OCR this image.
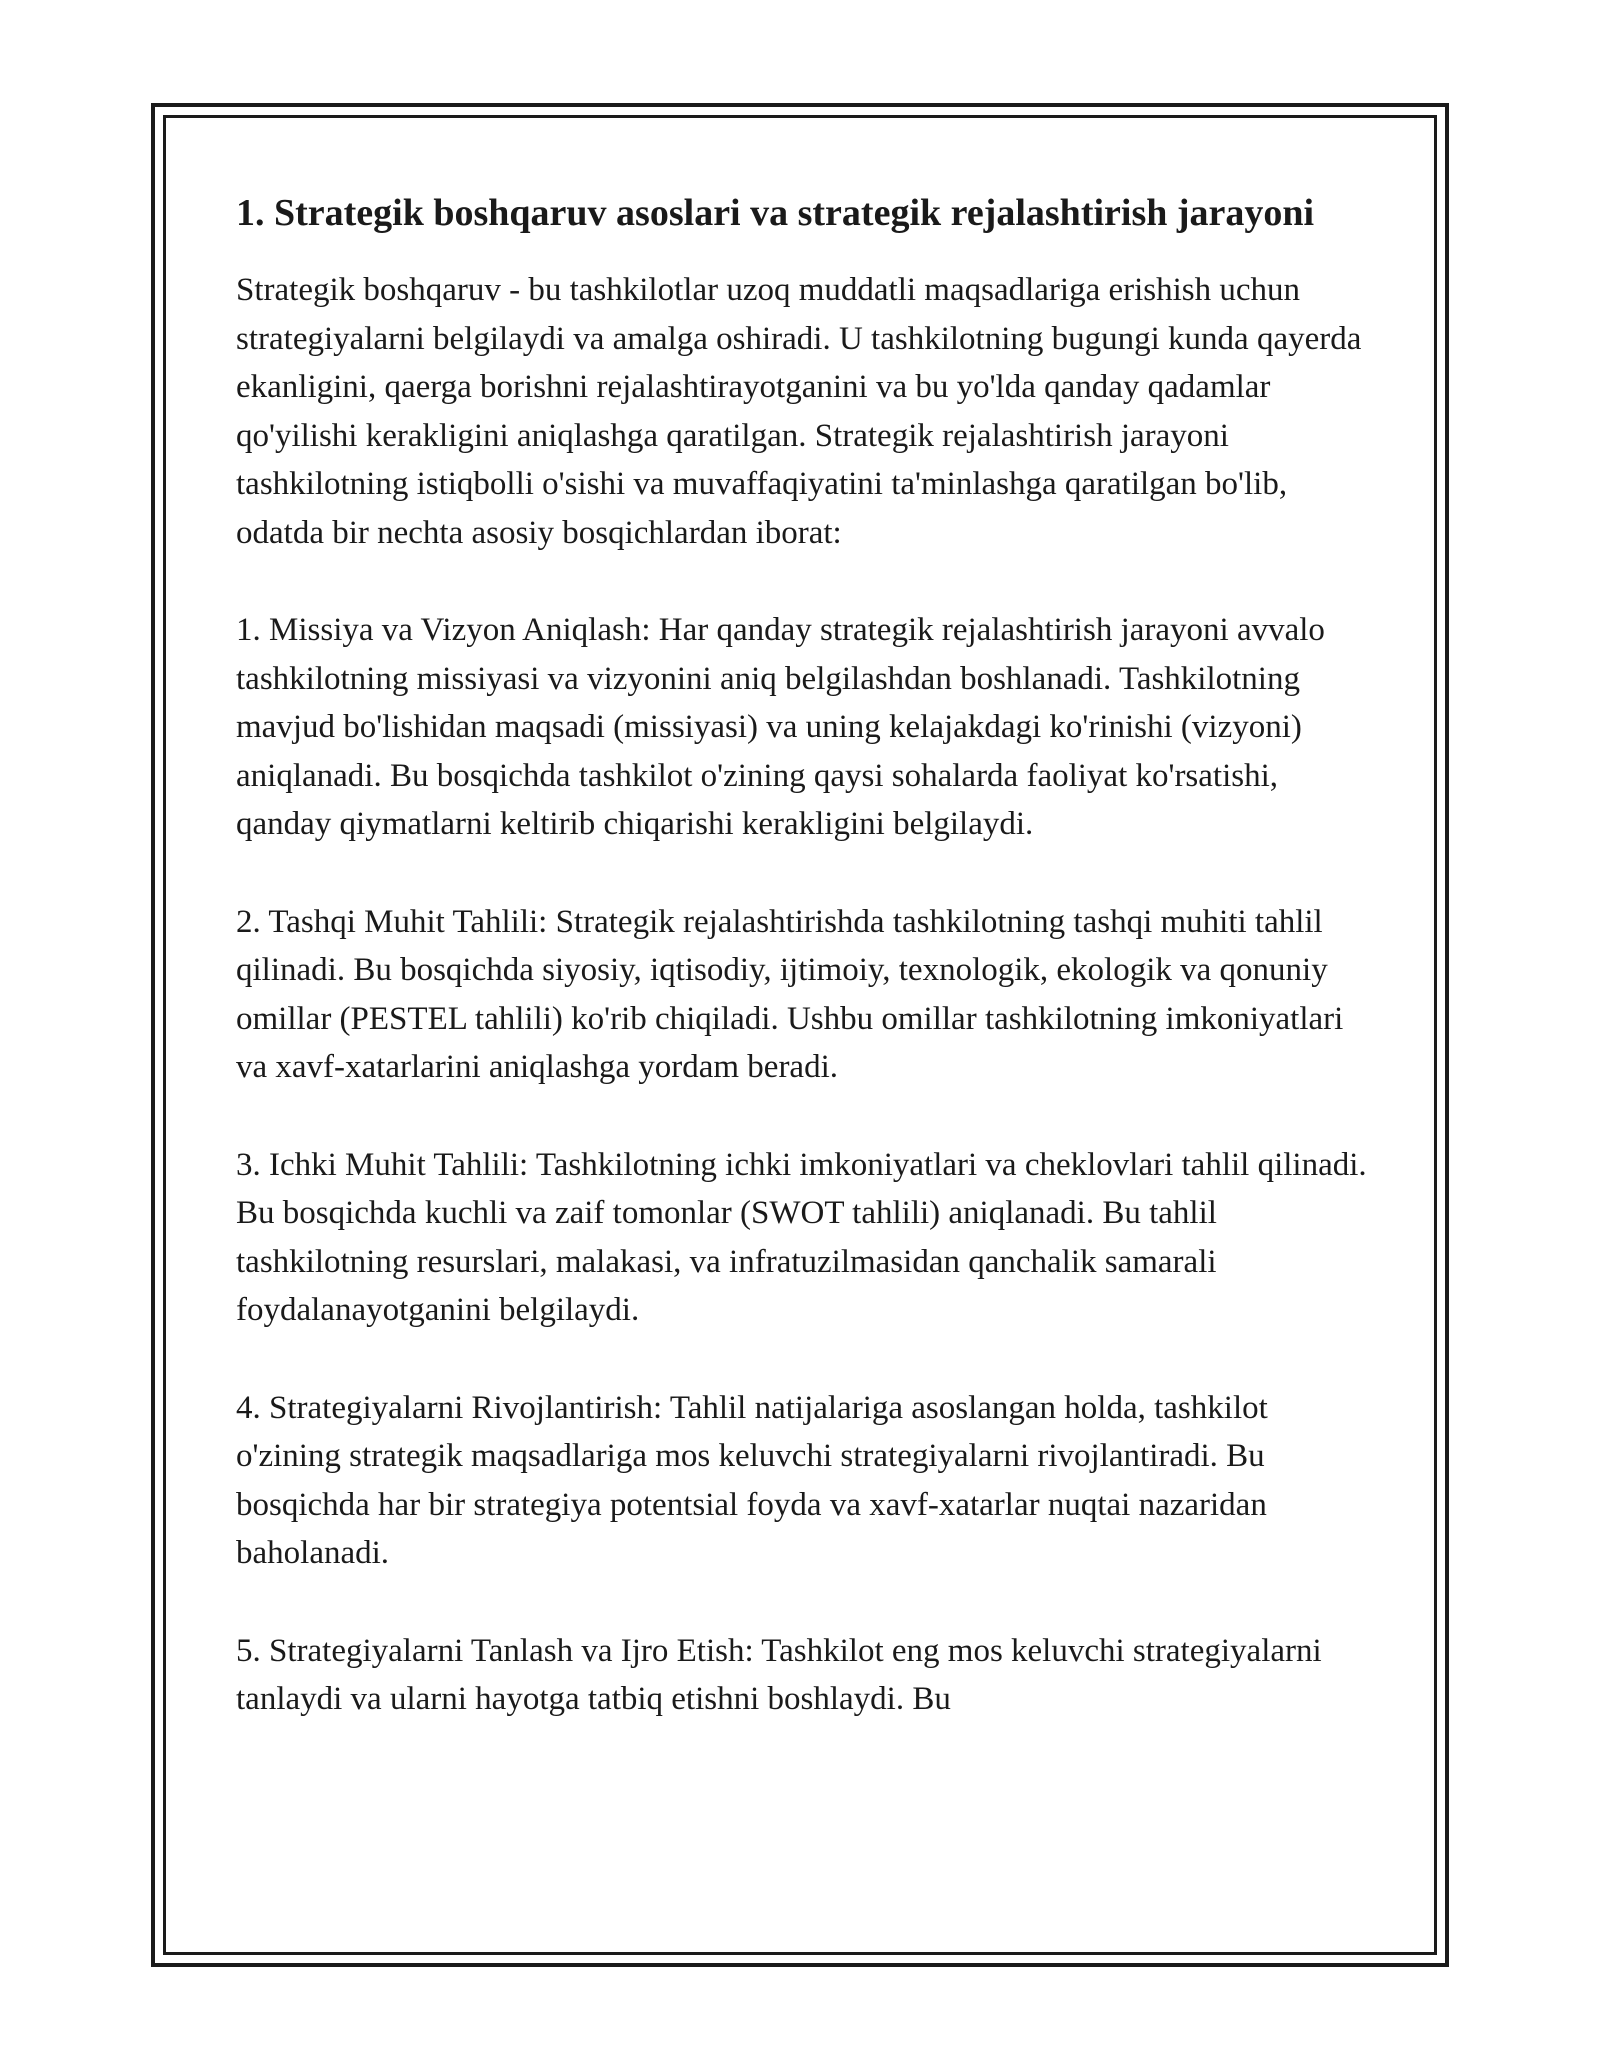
1. Strategik boshqaruv asoslari va strategik rejalashtirish jarayoni

Strategik boshqaruv - bu tashkilotlar uzoq muddatli maqsadlariga erishish uchun strategiyalarni belgilaydi va amalga oshiradi. U tashkilotning bugungi kunda qayerda ekanligini, qaerga borishni rejalashtirayotganini va bu yo'lda qanday qadamlar qo'yilishi kerakligini aniqlashga qaratilgan. Strategik rejalashtirish jarayoni tashkilotning istiqbolli o'sishi va muvaffaqiyatini ta'minlashga qaratilgan bo'lib, odatda bir nechta asosiy bosqichlardan iborat:

1. Missiya va Vizyon Aniqlash: Har qanday strategik rejalashtirish jarayoni avvalo tashkilotning missiyasi va vizyonini aniq belgilashdan boshlanadi. Tashkilotning mavjud bo'lishidan maqsadi (missiyasi) va uning kelajakdagi ko'rinishi (vizyoni) aniqlanadi. Bu bosqichda tashkilot o'zining qaysi sohalarda faoliyat ko'rsatishi, qanday qiymatlarni keltirib chiqarishi kerakligini belgilaydi.

2. Tashqi Muhit Tahlili: Strategik rejalashtirishda tashkilotning tashqi muhiti tahlil qilinadi. Bu bosqichda siyosiy, iqtisodiy, ijtimoiy, texnologik, ekologik va qonuniy omillar (PESTEL tahlili) ko'rib chiqiladi. Ushbu omillar tashkilotning imkoniyatlari va xavf-xatarlarini aniqlashga yordam beradi.

3. Ichki Muhit Tahlili: Tashkilotning ichki imkoniyatlari va cheklovlari tahlil qilinadi. Bu bosqichda kuchli va zaif tomonlar (SWOT tahlili) aniqlanadi. Bu tahlil tashkilotning resurslari, malakasi, va infratuzilmasidan qanchalik samarali foydalanayotganini belgilaydi.

4. Strategiyalarni Rivojlantirish: Tahlil natijalariga asoslangan holda, tashkilot o'zining strategik maqsadlariga mos keluvchi strategiyalarni rivojlantiradi. Bu bosqichda har bir strategiya potentsial foyda va xavf-xatarlar nuqtai nazaridan baholanadi.

5. Strategiyalarni Tanlash va Ijro Etish: Tashkilot eng mos keluvchi strategiyalarni tanlaydi va ularni hayotga tatbiq etishni boshlaydi. Bu
